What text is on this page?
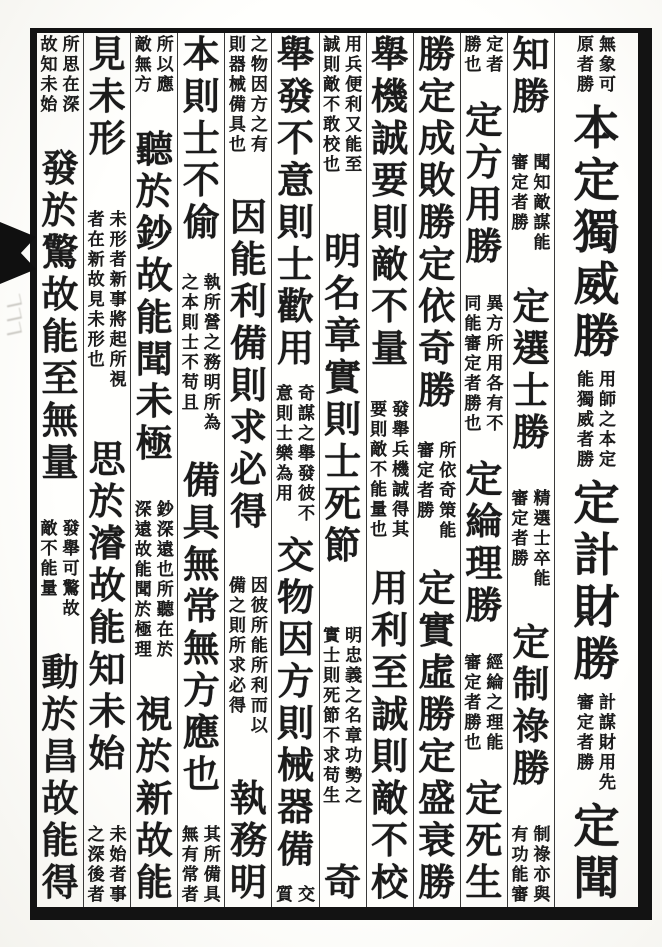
無
象
可
原
者
勝
本
定
獨
威
勝
用
師
之
本
定
能
獨
威
者
勝
定
計
財
勝
計
謀
財
用
先
審
定
者
勝
定
聞
知
勝
聞
知
敵
謀
能
審
定
者
勝
定
選
士
勝
精
選
士
卒
能
審
定
者
勝
定
制
祿
勝
制
祿
亦
與
有
功
能
審
定
者
勝
也
定
方
用
勝
異
方
所
用
各
有
不
同
能
審
定
者
勝
也
定
綸
理
勝
經
綸
之
理
能
審
定
者
勝
也
定
死
生
勝
定
成
敗
勝
定
依
奇
勝
所
依
奇
策
能
審
定
者
勝
定
實
虛
勝
定
盛
衰
勝
舉
機
誠
要
則
敵
不
量
發
舉
兵
機
誠
得
其
要
則
敵
不
能
量
也
用
利
至
誠
則
敵
不
校
用
兵
便
利
又
能
至
誠
則
敵
不
敢
校
也
明
名
章
實
則
士
死
節
明
忠
義
之
名
章
功
勢
之
實
士
則
死
節
不
求
苟
生
奇
舉
發
不
意
則
士
歡
用
奇
謀
之
舉
發
彼
不
意
則
士
樂
為
用
交
物
因
方
則
械
器
備
交
質
之
物
因
方
之
有
則
器
械
備
具
也
因
能
利
備
則
求
必
得
因
彼
所
能
所
利
而
以
備
之
則
所
求
必
得
執
務
明
本
則
士
不
偷
執
所
營
之
務
明
所
為
之
本
則
士
不
苟
且
備
具
無
常
無
方
應
也
其
所
備
具
無
有
常
者
所
以
應
敵
無
方
聽
於
鈔
故
能
聞
未
極
鈔
深
遠
也
所
聽
在
於
深
遠
故
能
聞
於
極
理
視
於
新
故
能
見
未
形
未
形
者
新
事
將
起
所
視
者
在
新
故
見
未
形
也
思
於
濬
故
能
知
未
始
未
始
者
事
之
深
後
者
所
思
在
深
故
知
未
始
發
於
驚
故
能
至
無
量
發
舉
可
驚
故
敵
不
能
量
動
於
昌
故
能
得
